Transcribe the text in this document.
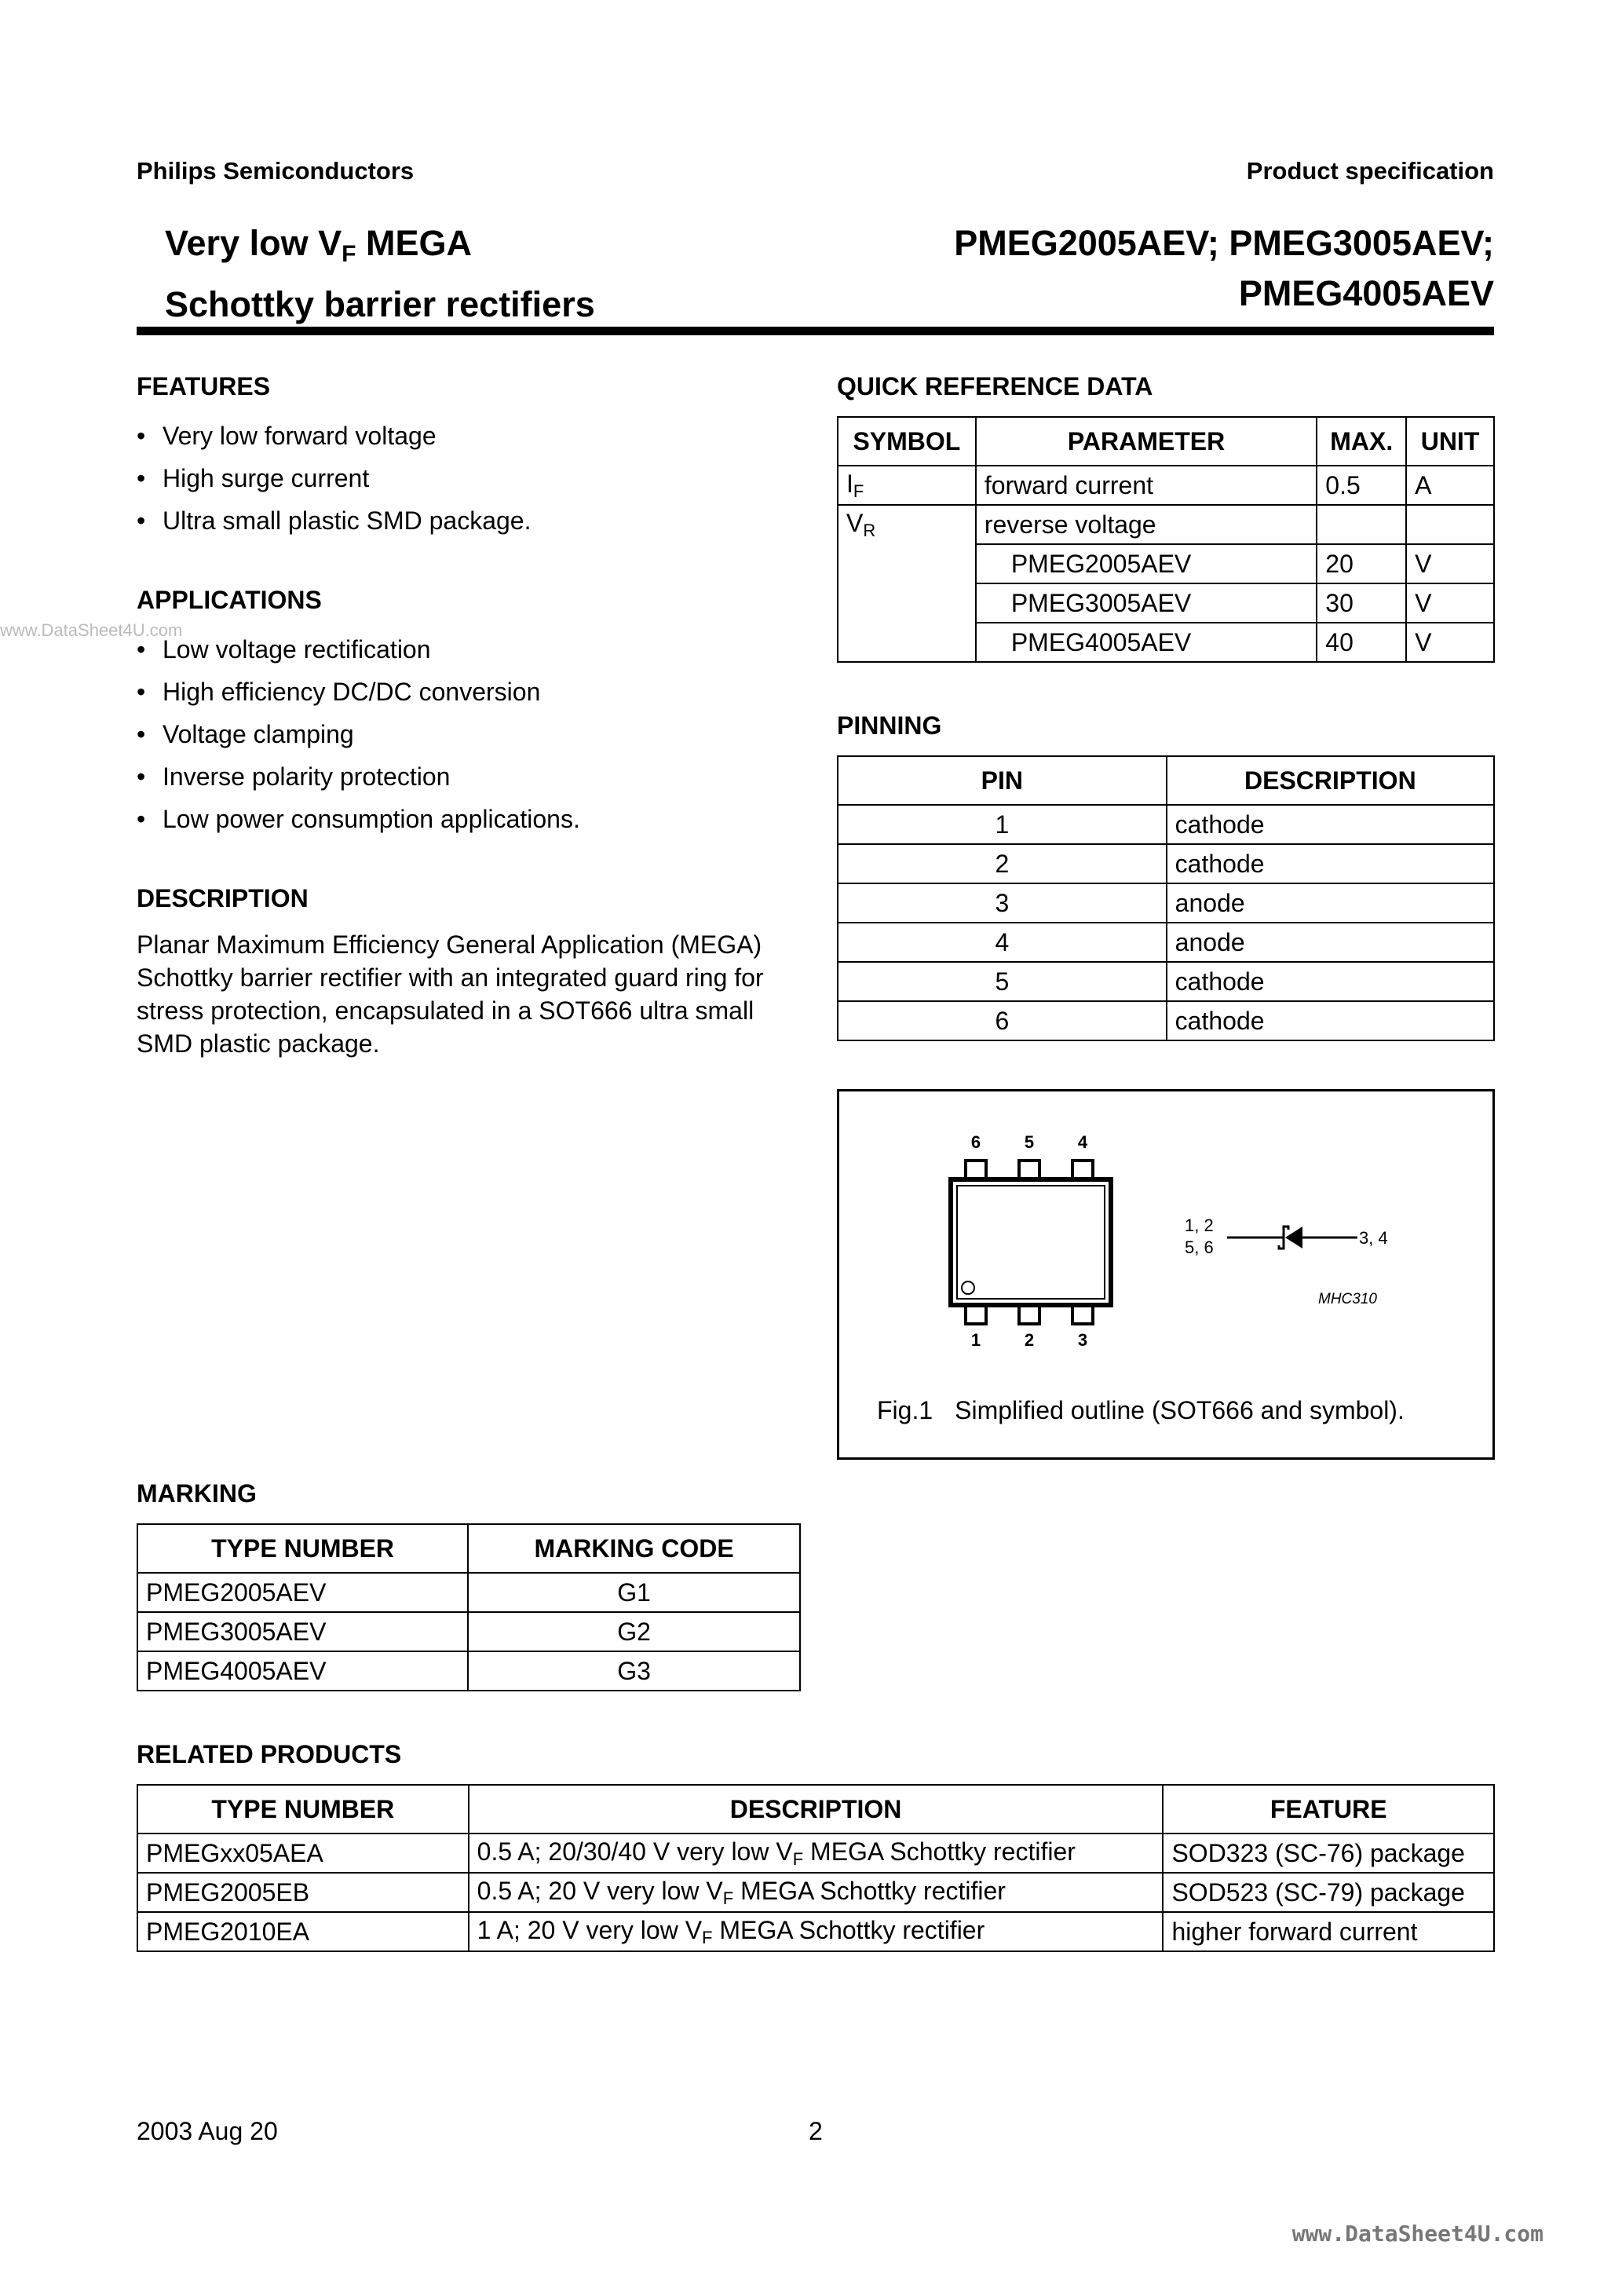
Philips Semiconductors	Product specification
Very low $V_F$ MEGA
Schottky barrier rectifiers
PMEG2005AEV; PMEG3005AEV;
PMEG4005AEV
www.DataSheet4U.com
FEATURES
• Very low forward voltage
• High surge current
• Ultra small plastic SMD package.
APPLICATIONS
• Low voltage rectification
• High efficiency DC/DC conversion
• Voltage clamping
• Inverse polarity protection
• Low power consumption applications.
DESCRIPTION
Planar Maximum Efficiency General Application (MEGA) Schottky barrier rectifier with an integrated guard ring for stress protection, encapsulated in a SOT666 ultra small SMD plastic package.
QUICK REFERENCE DATA
SYMBOL	PARAMETER	MAX.	UNIT
$I_F$	forward current	0.5	A
$V_R$	reverse voltage		
	PMEG2005AEV	20	V
	PMEG3005AEV	30	V
	PMEG4005AEV	40	V
PINNING
PIN	DESCRIPTION
1	cathode
2	cathode
3	anode
4	anode
5	cathode
6	cathode
6	5	4
1	2	3
1, 2
5, 6	3, 4
MHC310
Fig.1 Simplified outline (SOT666 and symbol).
MARKING
TYPE NUMBER	MARKING CODE
PMEG2005AEV	G1
PMEG3005AEV	G2
PMEG4005AEV	G3
RELATED PRODUCTS
TYPE NUMBER	DESCRIPTION	FEATURE
PMEGxx05AEA	0.5 A; 20/30/40 V very low $V_F$ MEGA Schottky rectifier	SOD323 (SC-76) package
PMEG2005EB	0.5 A; 20 V very low $V_F$ MEGA Schottky rectifier	SOD523 (SC-79) package
PMEG2010EA	1 A; 20 V very low $V_F$ MEGA Schottky rectifier	higher forward current
2003 Aug 20	2
www.DataSheet4U.com
